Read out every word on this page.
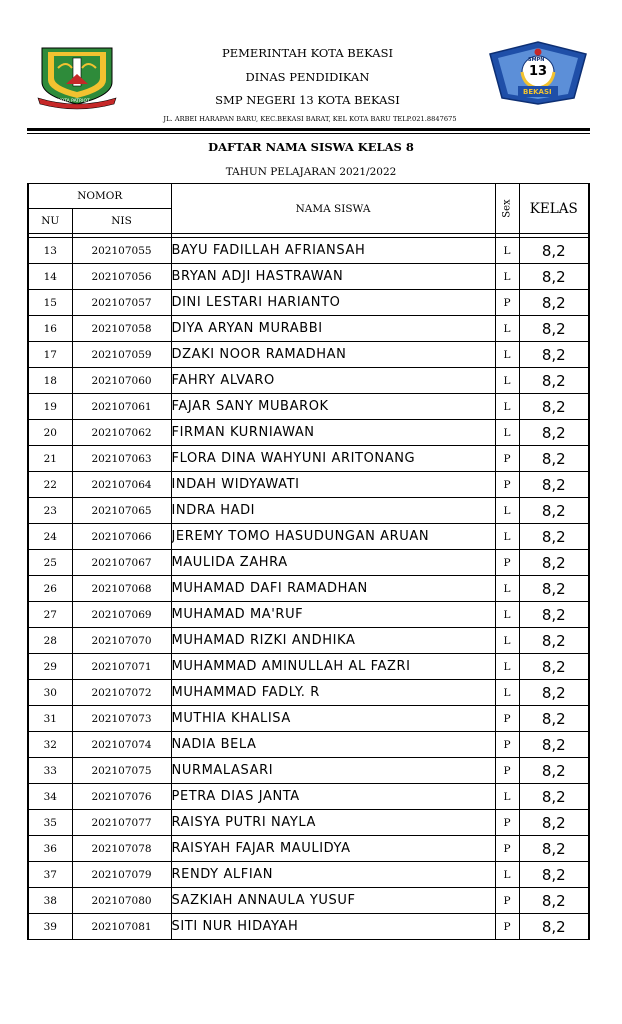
KOTA PATRIOT
SMPN
13
BEKASI
PEMERINTAH KOTA BEKASI
DINAS PENDIDIKAN
SMP NEGERI 13 KOTA BEKASI
JL. ARBEI HARAPAN BARU, KEC.BEKASI BARAT, KEL KOTA BARU TELP.021.8847675
DAFTAR NAMA SISWA KELAS 8
TAHUN PELAJARAN 2021/2022
NOMOR		NAMA SISWA	Sex	KELAS
NU	NIS			

13	202107055	BAYU FADILLAH AFRIANSAH	L	8,2
14	202107056	BRYAN ADJI HASTRAWAN	L	8,2
15	202107057	DINI LESTARI HARIANTO	P	8,2
16	202107058	DIYA ARYAN MURABBI	L	8,2
17	202107059	DZAKI NOOR RAMADHAN	L	8,2
18	202107060	FAHRY ALVARO	L	8,2
19	202107061	FAJAR SANY MUBAROK	L	8,2
20	202107062	FIRMAN KURNIAWAN	L	8,2
21	202107063	FLORA DINA WAHYUNI ARITONANG	P	8,2
22	202107064	INDAH WIDYAWATI	P	8,2
23	202107065	INDRA HADI	L	8,2
24	202107066	JEREMY TOMO HASUDUNGAN ARUAN	L	8,2
25	202107067	MAULIDA ZAHRA	P	8,2
26	202107068	MUHAMAD DAFI RAMADHAN	L	8,2
27	202107069	MUHAMAD MA'RUF	L	8,2
28	202107070	MUHAMAD RIZKI ANDHIKA	L	8,2
29	202107071	MUHAMMAD AMINULLAH AL FAZRI	L	8,2
30	202107072	MUHAMMAD FADLY. R	L	8,2
31	202107073	MUTHIA KHALISA	P	8,2
32	202107074	NADIA BELA	P	8,2
33	202107075	NURMALASARI	P	8,2
34	202107076	PETRA DIAS JANTA	L	8,2
35	202107077	RAISYA PUTRI NAYLA	P	8,2
36	202107078	RAISYAH FAJAR MAULIDYA	P	8,2
37	202107079	RENDY ALFIAN	L	8,2
38	202107080	SAZKIAH ANNAULA YUSUF	P	8,2
39	202107081	SITI NUR HIDAYAH	P	8,2
